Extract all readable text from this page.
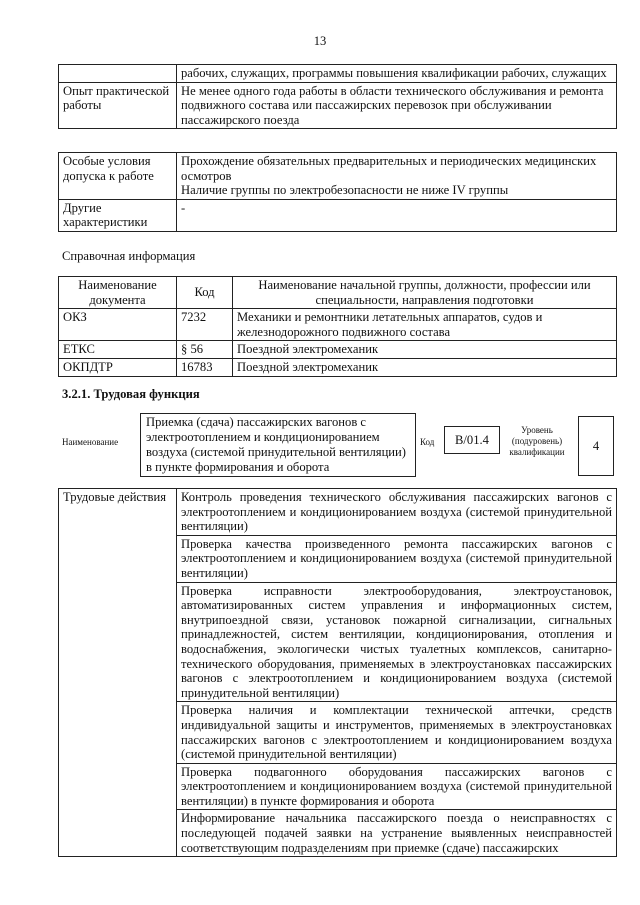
13
	рабочих, служащих, программы повышения квалификации рабочих, служащих
Опыт практической работы	Не менее одного года работы в области технического обслуживания и ремонта подвижного состава или пассажирских перевозок при обслуживании пассажирского поезда
Особые условия допуска к работе	Прохождение обязательных предварительных и периодических медицинских осмотров
Наличие группы по электробезопасности не ниже IV группы

Другие характеристики	-
Справочная информация
Наименование документа	Код	Наименование начальной группы, должности, профессии или специальности, направления подготовки
ОКЗ	7232	Механики и ремонтники летательных аппаратов, судов и железнодорожного подвижного состава
ЕТКС	§ 56	Поездной электромеханик
ОКПДТР	16783	Поездной электромеханик
3.2.1. Трудовая функция
Наименование
Приемка (сдача) пассажирских вагонов с электроотоплением и кондиционированием воздуха (системой принудительной вентиляции) в пункте формирования и оборота
Код	В/01.4
Уровень (подуровень) квалификации	4
Трудовые действия	Контроль проведения технического обслуживания пассажирских вагонов с электроотоплением и кондиционированием воздуха (системой принудительной вентиляции)
Проверка качества произведенного ремонта пассажирских вагонов с электроотоплением и кондиционированием воздуха (системой принудительной вентиляции)
Проверка исправности электрооборудования, электроустановок, автоматизированных систем управления и информационных систем, внутрипоездной связи, установок пожарной сигнализации, сигнальных принадлежностей, систем вентиляции, кондиционирования, отопления и водоснабжения, экологически чистых туалетных комплексов, санитарно-технического оборудования, применяемых в электроустановках пассажирских вагонов с электроотоплением и кондиционированием воздуха (системой принудительной вентиляции)
Проверка наличия и комплектации технической аптечки, средств индивидуальной защиты и инструментов, применяемых в электроустановках пассажирских вагонов с электроотоплением и кондиционированием воздуха (системой принудительной вентиляции)
Проверка подвагонного оборудования пассажирских вагонов с электроотоплением и кондиционированием воздуха (системой принудительной вентиляции) в пункте формирования и оборота
Информирование начальника пассажирского поезда о неисправностях с последующей подачей заявки на устранение выявленных неисправностей соответствующим подразделениям при приемке (сдаче) пассажирских
